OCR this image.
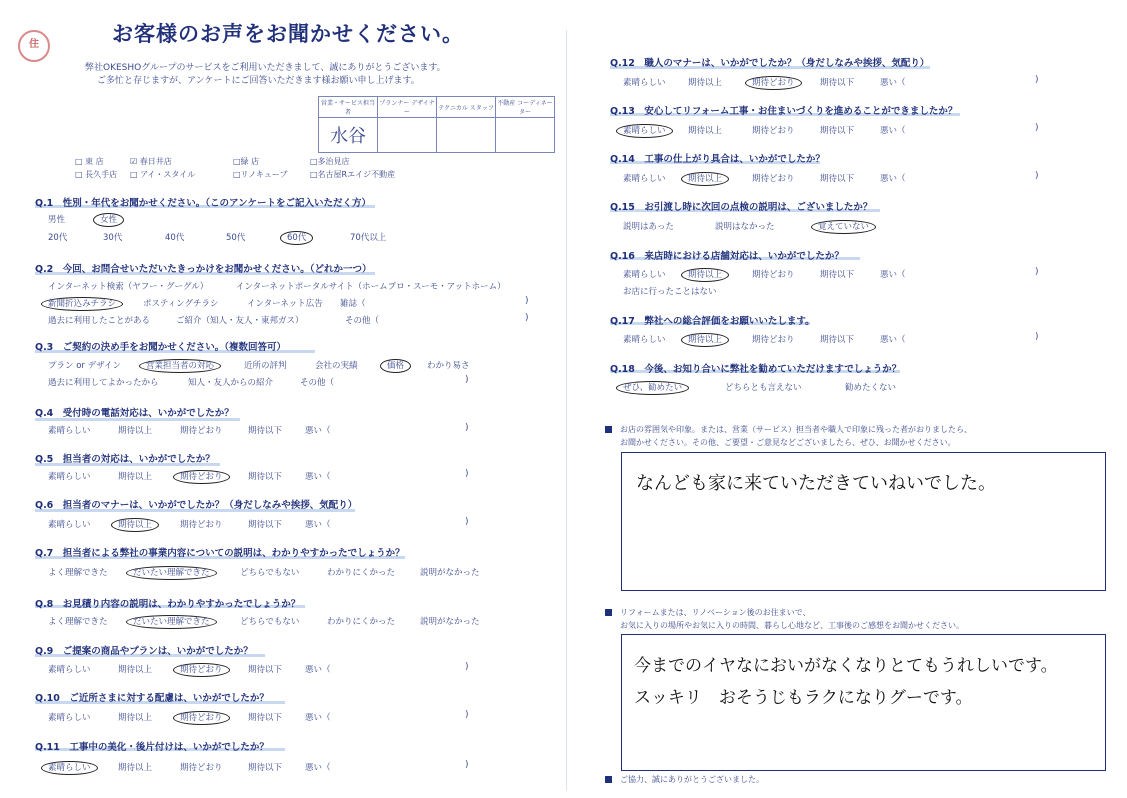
住	お客様のお声をお聞かせください。
弊社OKESHOグループのサービスをご利用いただきまして、誠にありがとうございます。
ご多忙と存じますが、アンケートにご回答いただきます様お願い申し上げます。
営業・サービス担当者	プランナー デザイナー	テクニカル スタッフ	不動産 コーディネーター
水谷			
□ 東 店	☑ 春日井店	□緑 店	□多治見店
□ 長久手店 □ アイ・スタイル	□リノキューブ	□名古屋Rエイジ不動産
Q.1　性別・年代をお聞かせください。（このアンケートをご記入いただく方）
男性	女性
20代	30代	40代	50代	60代	70代以上
Q.2　今回、お問合せいただいたきっかけをお聞かせください。（どれか一つ）
インターネット検索（ヤフー・グーグル）	インターネットポータルサイト（ホームプロ・スーモ・アットホーム）
新聞折込みチラシ	ポスティングチラシ	インターネット広告 雑誌（	)
過去に利用したことがある	ご紹介（知人・友人・東邦ガス）	その他（	)
Q.3　ご契約の決め手をお聞かせください。（複数回答可）
プラン or デザイン	営業担当者の対応	近所の評判	会社の実績	価格	わかり易さ
過去に利用してよかったから	知人・友人からの紹介	その他（	)
Q.4　受付時の電話対応は、いかがでしたか？
素晴らしい	期待以上	期待どおり	期待以下	悪い（	)
Q.5　担当者の対応は、いかがでしたか？
素晴らしい	期待以上	期待どおり	期待以下	悪い（	)
Q.6　担当者のマナーは、いかがでしたか？（身だしなみや挨拶、気配り）
素晴らしい	期待以上	期待どおり	期待以下	悪い（	)
Q.7　担当者による弊社の事業内容についての説明は、わかりやすかったでしょうか？
よく理解できた	だいたい理解できた	どちらでもない	わかりにくかった	説明がなかった
Q.8　お見積り内容の説明は、わかりやすかったでしょうか？
よく理解できた	だいたい理解できた	どちらでもない	わかりにくかった	説明がなかった
Q.9　ご提案の商品やプランは、いかがでしたか？
素晴らしい	期待以上	期待どおり	期待以下	悪い（	)
Q.10　ご近所さまに対する配慮は、いかがでしたか？
素晴らしい	期待以上	期待どおり	期待以下	悪い（	)
Q.11　工事中の美化・後片付けは、いかがでしたか？
素晴らしい	期待以上	期待どおり	期待以下	悪い（	)
Q.12　職人のマナーは、いかがでしたか？（身だしなみや挨拶、気配り）
素晴らしい	期待以上	期待どおり	期待以下	悪い（	)
Q.13　安心してリフォーム工事・お住まいづくりを進めることができましたか？
素晴らしい	期待以上	期待どおり	期待以下	悪い（	)
Q.14　工事の仕上がり具合は、いかがでしたか？
素晴らしい	期待以上	期待どおり	期待以下	悪い（	)
Q.15　お引渡し時に次回の点検の説明は、ございましたか？
説明はあった	説明はなかった	覚えていない
Q.16　来店時における店舗対応は、いかがでしたか？
素晴らしい	期待以上	期待どおり	期待以下	悪い（	)
お店に行ったことはない
Q.17　弊社への総合評価をお願いいたします。
素晴らしい	期待以上	期待どおり	期待以下	悪い（	)
Q.18　今後、お知り合いに弊社を勧めていただけますでしょうか？
ぜひ、勧めたい	どちらとも言えない	勧めたくない
お店の雰囲気や印象。または、営業（サービス）担当者や職人で印象に残った者がおりましたら、
お聞かせください。その他、ご要望・ご意見などございましたら、ぜひ、お聞かせください。
なんども家に来ていただきていねいでした。
リフォームまたは、リノベーション後のお住まいで、
お気に入りの場所やお気に入りの時間、暮らし心地など、工事後のご感想をお聞かせください。
今までのイヤなにおいがなくなりとてもうれしいです。
スッキリ　おそうじもラクになりグーです。
ご協力、誠にありがとうございました。
